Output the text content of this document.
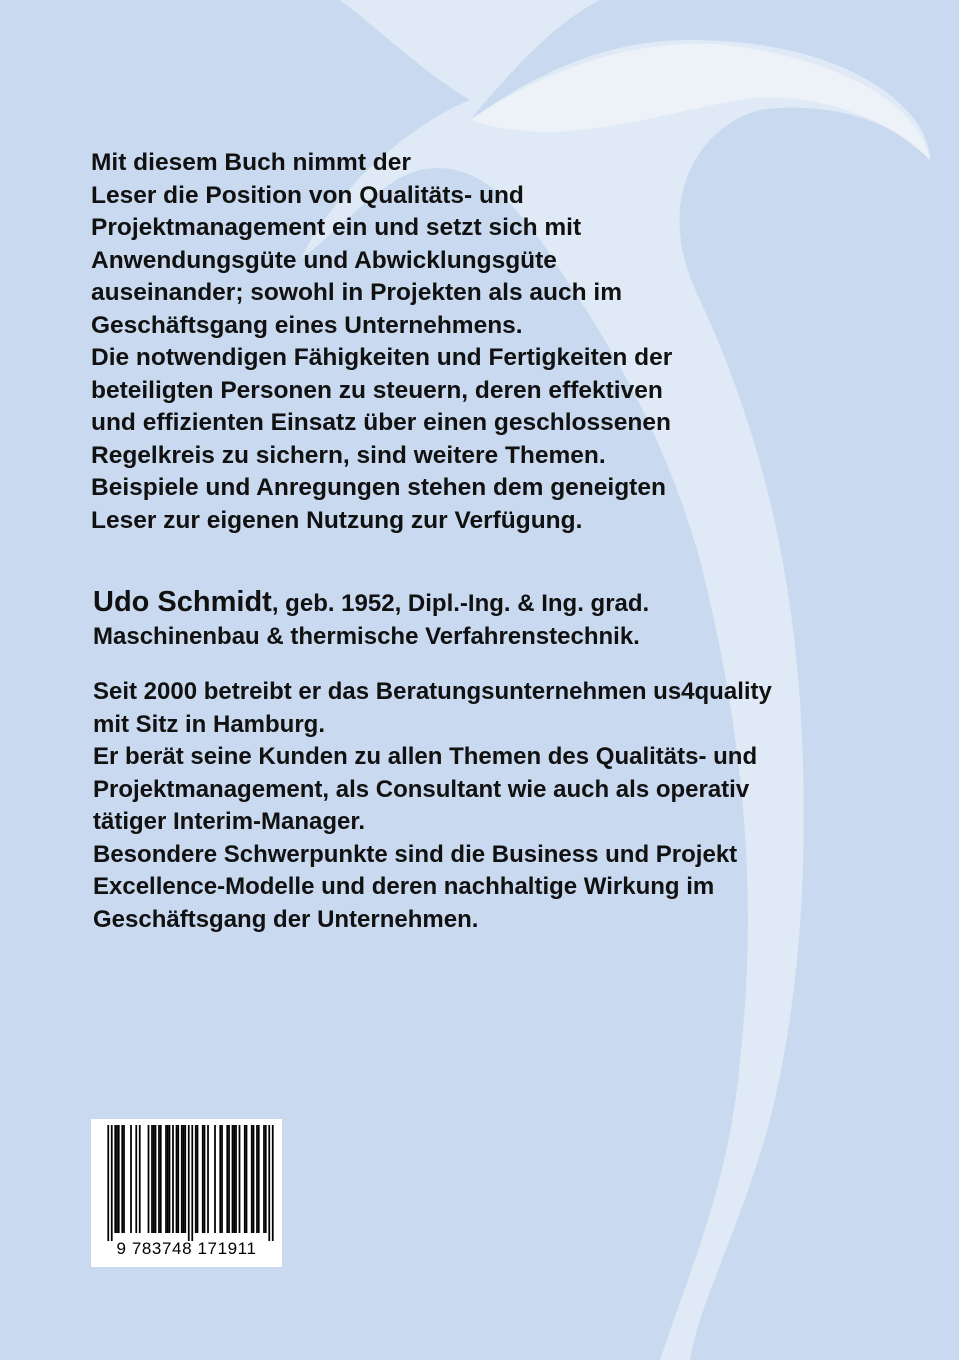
Mit diesem Buch nimmt der
Leser die Position von Qualitäts- und
Projektmanagement ein und setzt sich mit
Anwendungsgüte und Abwicklungsgüte
auseinander; sowohl in Projekten als auch im
Geschäftsgang eines Unternehmens.
Die notwendigen Fähigkeiten und Fertigkeiten der
beteiligten Personen zu steuern, deren effektiven
und effizienten Einsatz über einen geschlossenen
Regelkreis zu sichern, sind weitere Themen.
Beispiele und Anregungen stehen dem geneigten
Leser zur eigenen Nutzung zur Verfügung.
Udo Schmidt, geb. 1952, Dipl.-Ing. & Ing. grad.
Maschinenbau & thermische Verfahrenstechnik.
Seit 2000 betreibt er das Beratungsunternehmen us4quality
mit Sitz in Hamburg.
Er berät seine Kunden zu allen Themen des Qualitäts- und
Projektmanagement, als Consultant wie auch als operativ
tätiger Interim-Manager.
Besondere Schwerpunkte sind die Business und Projekt
Excellence-Modelle und deren nachhaltige Wirkung im
Geschäftsgang der Unternehmen.
9 783748 171911
